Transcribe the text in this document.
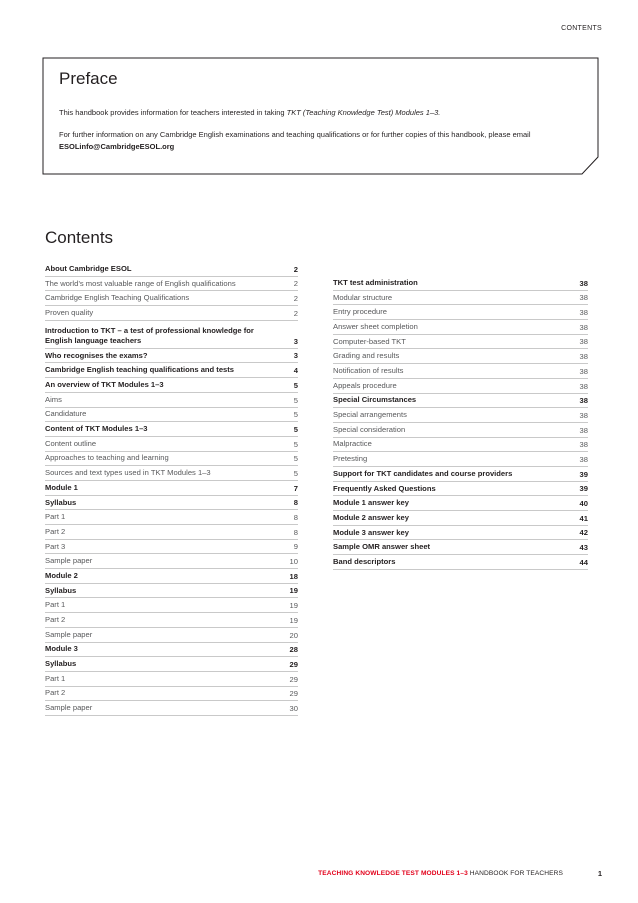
CONTENTS
Preface
This handbook provides information for teachers interested in taking TKT (Teaching Knowledge Test) Modules 1–3.
For further information on any Cambridge English examinations and teaching qualifications or for further copies of this handbook, please email
ESOLinfo@CambridgeESOL.org
Contents
About Cambridge ESOL	2
The world’s most valuable range of English qualifications	2
Cambridge English Teaching Qualifications	2
Proven quality	2
Introduction to TKT – a test of professional knowledge for English language teachers	3
Who recognises the exams?	3
Cambridge English teaching qualifications and tests	4
An overview of TKT Modules 1–3	5
Aims	5
Candidature	5
Content of TKT Modules 1–3	5
Content outline	5
Approaches to teaching and learning	5
Sources and text types used in TKT Modules 1–3	5
Module 1	7
Syllabus	8
Part 1	8
Part 2	8
Part 3	9
Sample paper	10
Module 2	18
Syllabus	19
Part 1	19
Part 2	19
Sample paper	20
Module 3	28
Syllabus	29
Part 1	29
Part 2	29
Sample paper	30
TKT test administration	38
Modular structure	38
Entry procedure	38
Answer sheet completion	38
Computer-based TKT	38
Grading and results	38
Notification of results	38
Appeals procedure	38
Special Circumstances	38
Special arrangements	38
Special consideration	38
Malpractice	38
Pretesting	38
Support for TKT candidates and course providers	39
Frequently Asked Questions	39
Module 1 answer key	40
Module 2 answer key	41
Module 3 answer key	42
Sample OMR answer sheet	43
Band descriptors	44
TEACHING KNOWLEDGE TEST MODULES 1–3 HANDBOOK FOR TEACHERS	1
